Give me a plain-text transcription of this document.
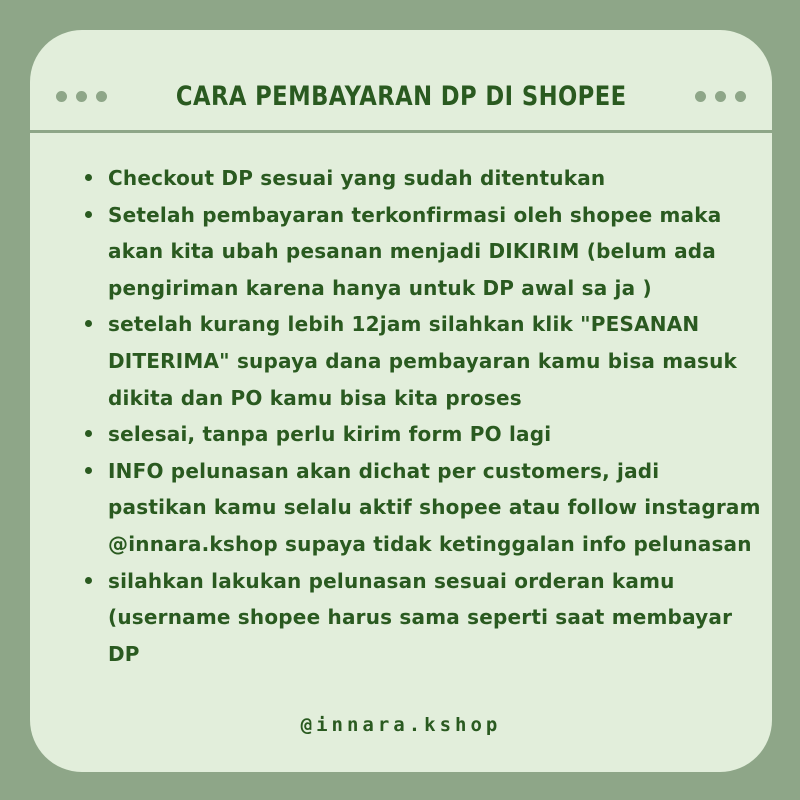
CARA PEMBAYARAN DP DI SHOPEE
Checkout DP sesuai yang sudah ditentukan
Setelah pembayaran terkonfirmasi oleh shopee maka akan kita ubah pesanan menjadi DIKIRIM (belum ada pengiriman karena hanya untuk DP awal sa ja )
setelah kurang lebih 12jam silahkan klik "PESANAN DITERIMA" supaya dana pembayaran kamu bisa masuk dikita dan PO kamu bisa kita proses
selesai, tanpa perlu kirim form PO lagi
INFO pelunasan akan dichat per customers, jadi pastikan kamu selalu aktif shopee atau follow instagram @innara.kshop supaya tidak ketinggalan info pelunasan
silahkan lakukan pelunasan sesuai orderan kamu (username shopee harus sama seperti saat membayar DP
@innara.kshop
